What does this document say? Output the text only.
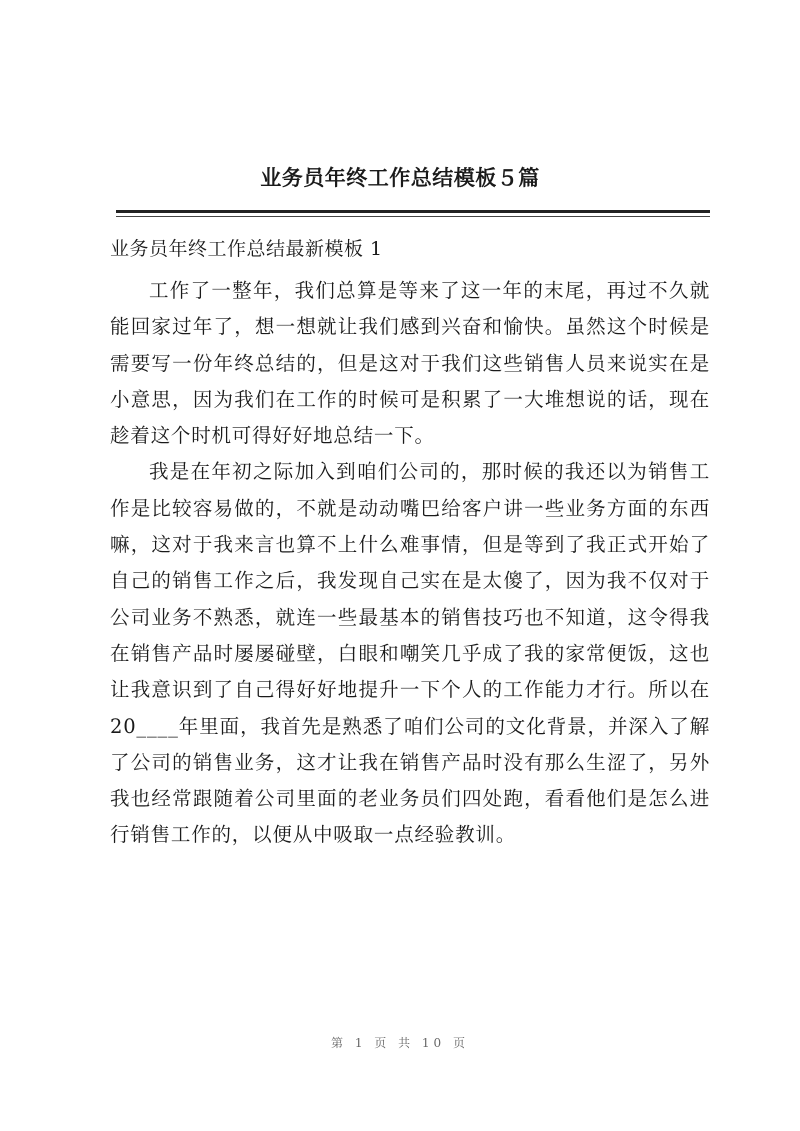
业务员年终工作总结模板５篇
业务员年终工作总结最新模板 1

工作了一整年，我们总算是等来了这一年的末尾，再过不久就能回家过年了，想一想就让我们感到兴奋和愉快。虽然这个时候是需要写一份年终总结的，但是这对于我们这些销售人员来说实在是小意思，因为我们在工作的时候可是积累了一大堆想说的话，现在趁着这个时机可得好好地总结一下。

我是在年初之际加入到咱们公司的，那时候的我还以为销售工作是比较容易做的，不就是动动嘴巴给客户讲一些业务方面的东西嘛，这对于我来言也算不上什么难事情，但是等到了我正式开始了自己的销售工作之后，我发现自己实在是太傻了，因为我不仅对于公司业务不熟悉，就连一些最基本的销售技巧也不知道，这令得我在销售产品时屡屡碰壁，白眼和嘲笑几乎成了我的家常便饭，这也让我意识到了自己得好好地提升一下个人的工作能力才行。所以在 20____年里面，我首先是熟悉了咱们公司的文化背景，并深入了解了公司的销售业务，这才让我在销售产品时没有那么生涩了，另外我也经常跟随着公司里面的老业务员们四处跑，看看他们是怎么进行销售工作的，以便从中吸取一点经验教训。

第 1 页 共 10 页
